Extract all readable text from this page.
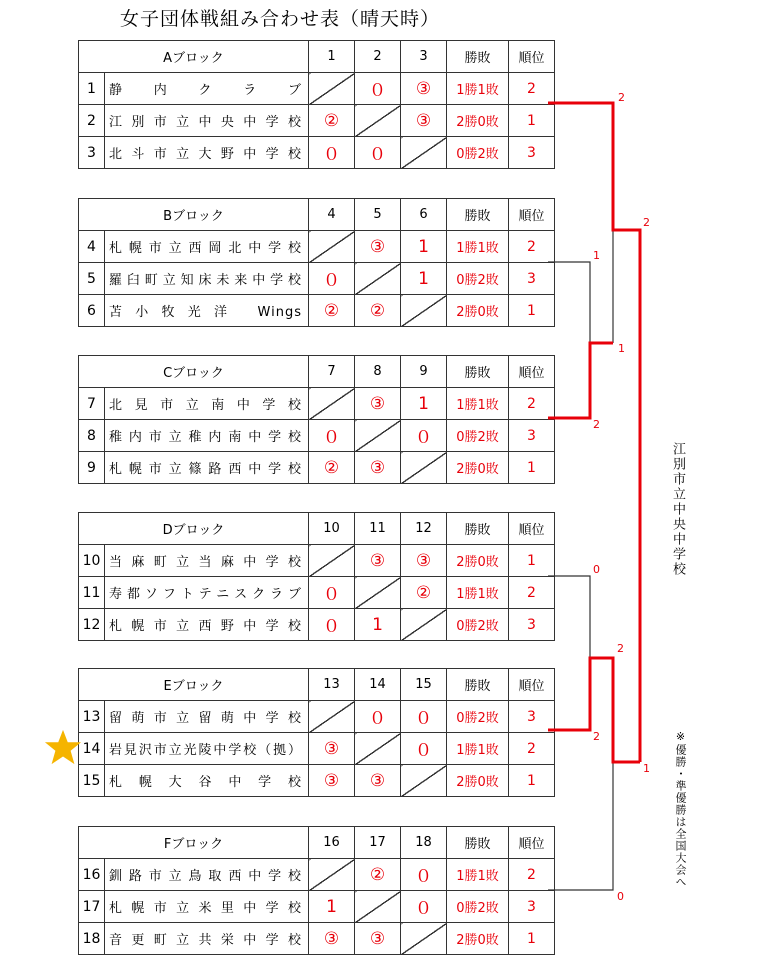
女子団体戦組み合わせ表（晴天時）
Aブロック		1	2	3	勝敗	順位
1	静　内　ク　ラ　ブ		０	③	1勝1敗	2
2	江別市立中央中学校	②		③	2勝0敗	1
3	北斗市立大野中学校	０	０		0勝2敗	3
Bブロック		4	5	6	勝敗	順位
4	札幌市立西岡北中学校		③	1	1勝1敗	2
5	羅臼町立知床未来中学校	０		1	0勝2敗	3
6	苫小牧光洋 Wings	②	②		2勝0敗	1
Cブロック		7	8	9	勝敗	順位
7	北見市立南中学校		③	1	1勝1敗	2
8	稚内市立稚内南中学校	０		０	0勝2敗	3
9	札幌市立篠路西中学校	②	③		2勝0敗	1
Dブロック		10	11	12	勝敗	順位
10	当麻町立当麻中学校		③	③	2勝0敗	1
11	寿都ソフトテニスクラブ	０		②	1勝1敗	2
12	札幌市立西野中学校	０	1		0勝2敗	3
Eブロック		13	14	15	勝敗	順位
13	留萌市立留萌中学校		０	０	0勝2敗	3
14	岩見沢市立光陵中学校（拠）	③		０	1勝1敗	2
15	札幌大谷中学校	③	③		2勝0敗	1
Fブロック		16	17	18	勝敗	順位
16	釧路市立鳥取西中学校		②	０	1勝1敗	2
17	札幌市立米里中学校	1		０	0勝2敗	3
18	音更町立共栄中学校	③	③		2勝0敗	1
2
2
1
1
2
0
2
2
1
0
江別市立中央中学校
※優勝・準優勝は全国大会へ
